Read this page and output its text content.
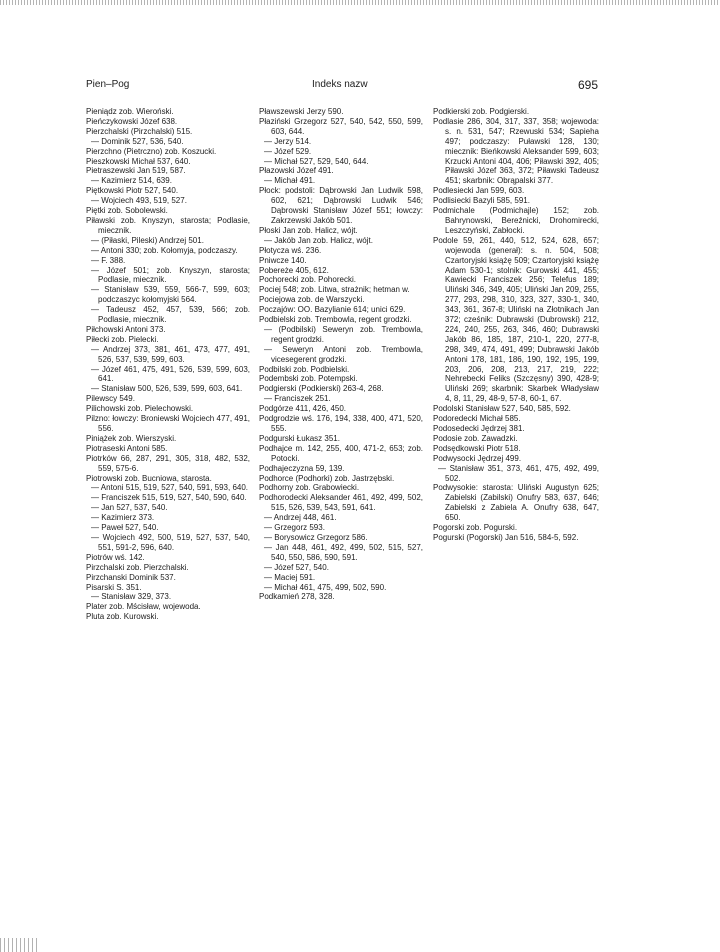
Pien–Pog	Indeks nazw	695

Pieniądz zob. Wieroński.

Pieńczykowski Józef 638.

Pierzchalski (Pirzchalski) 515.

— Dominik 527, 536, 540.

Pierzchno (Pietrczno) zob. Koszucki.

Pieszkowski Michał 537, 640.

Pietraszewski Jan 519, 587.

— Kazimierz 514, 639.

Piętkowski Piotr 527, 540.

— Wojciech 493, 519, 527.

Piętki zob. Sobolewski.

Piławski zob. Knyszyn, starosta; Podlasie, miecznik.

— (Piłaski, Pileski) Andrzej 501.

— Antoni 330; zob. Kołomyja, podczaszy.

— F. 388.

— Józef 501; zob. Knyszyn, starosta; Podlasie, miecznik.

— Stanisław 539, 559, 566-7, 599, 603; podczaszyc kołomyjski 564.

— Tadeusz 452, 457, 539, 566; zob. Podlasie, miecznik.

Piłchowski Antoni 373.

Piłecki zob. Pielecki.

— Andrzej 373, 381, 461, 473, 477, 491, 526, 537, 539, 599, 603.

— Józef 461, 475, 491, 526, 539, 599, 603, 641.

— Stanisław 500, 526, 539, 599, 603, 641.

Pilewscy 549.

Pilichowski zob. Pielechowski.

Pilzno: łowczy: Broniewski Wojciech 477, 491, 556.

Piniążek zob. Wierszyski.

Piotraseski Antoni 585.

Piotrków 66, 287, 291, 305, 318, 482, 532, 559, 575-6.

Piotrowski zob. Bucniowa, starosta.

— Antoni 515, 519, 527, 540, 591, 593, 640.

— Franciszek 515, 519, 527, 540, 590, 640.

— Jan 527, 537, 540.

— Kazimierz 373.

— Paweł 527, 540.

— Wojciech 492, 500, 519, 527, 537, 540, 551, 591-2, 596, 640.

Piotrów wś. 142.

Pirzchalski zob. Pierzchalski.

Pirzchanski Dominik 537.

Pisarski S. 351.

— Stanisław 329, 373.

Plater zob. Mścisław, wojewoda.

Pluta zob. Kurowski.

Pławszewski Jerzy 590.

Płaziński Grzegorz 527, 540, 542, 550, 599, 603, 644.

— Jerzy 514.

— Józef 529.

— Michał 527, 529, 540, 644.

Płazowski Józef 491.

— Michał 491.

Płock: podstoli: Dąbrowski Jan Ludwik 598, 602, 621; Dąbrowski Ludwik 546; Dąbrowski Stanisław Józef 551; łowczy: Zakrzewski Jakób 501.

Płoski Jan zob. Halicz, wójt.

— Jakób Jan zob. Halicz, wójt.

Płotycza wś. 236.

Pniwcze 140.

Pobereże 405, 612.

Pochorecki zob. Pohorecki.

Pociej 548; zob. Litwa, strażnik; hetman w.

Pociejowa zob. de Warszycki.

Poczajów: OO. Bazylianie 614; unici 629.

Podbielski zob. Trembowla, regent grodzki.

— (Podbilski) Seweryn zob. Trembowla, regent grodzki.

— Seweryn Antoni zob. Trembowla, vicesegerent grodzki.

Podbilski zob. Podbielski.

Podembski zob. Potempski.

Podgierski (Podkierski) 263-4, 268.

— Franciszek 251.

Podgórze 411, 426, 450.

Podgrodzie wś. 176, 194, 338, 400, 471, 520, 555.

Podgurski Łukasz 351.

Podhajce m. 142, 255, 400, 471-2, 653; zob. Potocki.

Podhajeczyzna 59, 139.

Podhorce (Podhorki) zob. Jastrzębski.

Podhorny zob. Grabowiecki.

Podhorodecki Aleksander 461, 492, 499, 502, 515, 526, 539, 543, 591, 641.

— Andrzej 448, 461.

— Grzegorz 593.

— Borysowicz Grzegorz 586.

— Jan 448, 461, 492, 499, 502, 515, 527, 540, 550, 586, 590, 591.

— Józef 527, 540.

— Maciej 591.

— Michał 461, 475, 499, 502, 590.

Podkamień 278, 328.

Podkierski zob. Podgierski.

Podlasie 286, 304, 317, 337, 358; wojewoda: s. n. 531, 547; Rzewuski 534; Sapieha 497; podczaszy: Puławski 128, 130; miecznik: Bieńkowski Aleksander 599, 603; Krzucki Antoni 404, 406; Piławski 392, 405; Piławski Józef 363, 372; Piławski Tadeusz 451; skarbnik: Obrąpalski 377.

Podlesiecki Jan 599, 603.

Podlisiecki Bazyli 585, 591.

Podmichale (Podmichajle) 152; zob. Bahrynowski, Bereźnicki, Drohomirecki, Leszczyński, Zabłocki.

Podole 59, 261, 440, 512, 524, 628, 657; wojewoda (generał): s. n. 504, 508; Czartoryjski książę 509; Czartoryjski książę Adam 530-1; stolnik: Gurowski 441, 455; Kawiecki Franciszek 256; Telefus 189; Uliński 346, 349, 405; Uliński Jan 209, 255, 277, 293, 298, 310, 323, 327, 330-1, 340, 343, 361, 367-8; Uliński na Złotnikach Jan 372; cześnik: Dubrawski (Dubrowski) 212, 224, 240, 255, 263, 346, 460; Dubrawski Jakób 86, 185, 187, 210-1, 220, 277-8, 298, 349, 474, 491, 499; Dubrawski Jakób Antoni 178, 181, 186, 190, 192, 195, 199, 203, 206, 208, 213, 217, 219, 222; Nehrebecki Feliks (Szczęsny) 390, 428-9; Uliński 269; skarbnik: Skarbek Władysław 4, 8, 11, 29, 48-9, 57-8, 60-1, 67.

Podolski Stanisław 527, 540, 585, 592.

Podoredecki Michał 585.

Podosedecki Jędrzej 381.

Podosie zob. Zawadzki.

Podsędkowski Piotr 518.

Podwysocki Jędrzej 499.

— Stanisław 351, 373, 461, 475, 492, 499, 502.

Podwysokie: starosta: Uliński Augustyn 625; Zabielski (Zabilski) Onufry 583, 637, 646; Zabielski z Zabiela A. Onufry 638, 647, 650.

Pogorski zob. Pogurski.

Pogurski (Pogorski) Jan 516, 584-5, 592.
